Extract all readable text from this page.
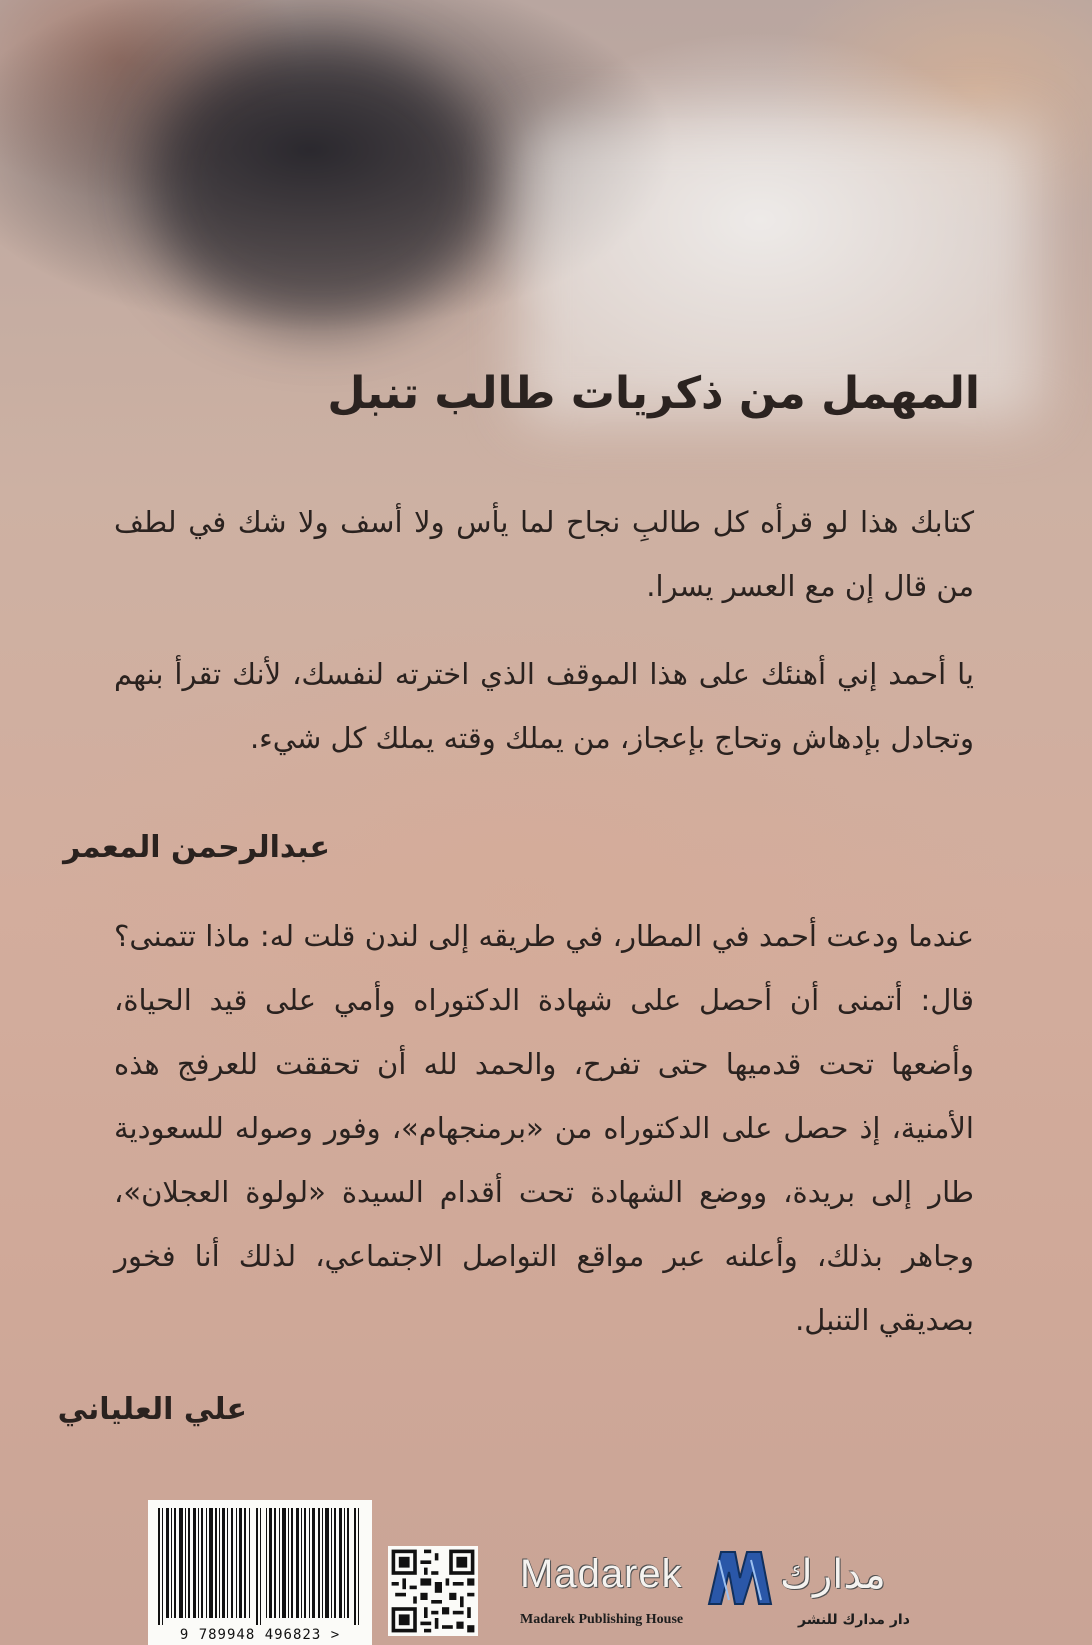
المهمل من ذكريات طالب تنبل

كتابك هذا لو قرأه كل طالبِ نجاح لما يأس ولا أسف ولا شك في لطف من قال إن مع العسر يسرا.

يا أحمد إني أهنئك على هذا الموقف الذي اخترته لنفسك، لأنك تقرأ بنهم وتجادل بإدهاش وتحاج بإعجاز، من يملك وقته يملك كل شيء.

عبدالرحمن المعمر

عندما ودعت أحمد في المطار، في طريقه إلى لندن قلت له: ماذا تتمنى؟ قال: أتمنى أن أحصل على شهادة الدكتوراه وأمي على قيد الحياة، وأضعها تحت قدميها حتى تفرح، والحمد لله أن تحققت للعرفج هذه الأمنية، إذ حصل على الدكتوراه من «برمنجهام»، وفور وصوله للسعودية طار إلى بريدة، ووضع الشهادة تحت أقدام السيدة «لولوة العجلان»، وجاهر بذلك، وأعلنه عبر مواقع التواصل الاجتماعي، لذلك أنا فخور بصديقي التنبل.

علي العلياني

9 789948 496823 >
Madarek مدارك
Madarek Publishing House	دار مدارك للنشر
